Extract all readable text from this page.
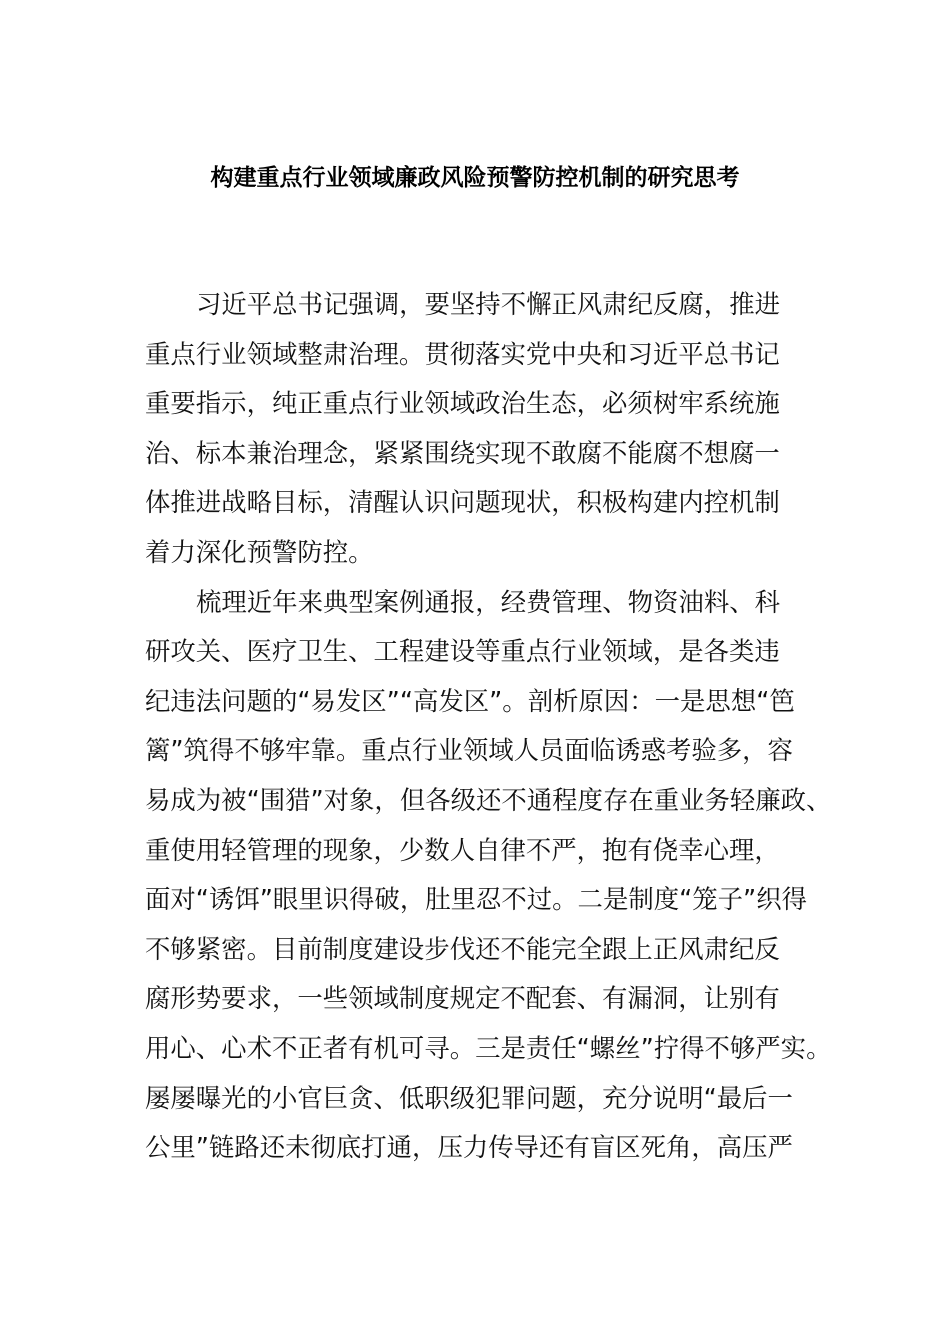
构建重点行业领域廉政风险预警防控机制的研究思考
习近平总书记强调，要坚持不懈正风肃纪反腐，推进
重点行业领域整肃治理。贯彻落实党中央和习近平总书记
重要指示，纯正重点行业领域政治生态，必须树牢系统施
治、标本兼治理念，紧紧围绕实现不敢腐不能腐不想腐一
体推进战略目标，清醒认识问题现状，积极构建内控机制
着力深化预警防控。
梳理近年来典型案例通报，经费管理、物资油料、科
研攻关、医疗卫生、工程建设等重点行业领域，是各类违
纪违法问题的“易发区”“高发区”。剖析原因：一是思想“笆
篱”筑得不够牢靠。重点行业领域人员面临诱惑考验多，容
易成为被“围猎”对象，但各级还不通程度存在重业务轻廉政、
重使用轻管理的现象，少数人自律不严，抱有侥幸心理，
面对“诱饵”眼里识得破，肚里忍不过。二是制度“笼子”织得
不够紧密。目前制度建设步伐还不能完全跟上正风肃纪反
腐形势要求，一些领域制度规定不配套、有漏洞，让别有
用心、心术不正者有机可寻。三是责任“螺丝”拧得不够严实。
屡屡曝光的小官巨贪、低职级犯罪问题，充分说明“最后一
公里”链路还未彻底打通，压力传导还有盲区死角，高压严
